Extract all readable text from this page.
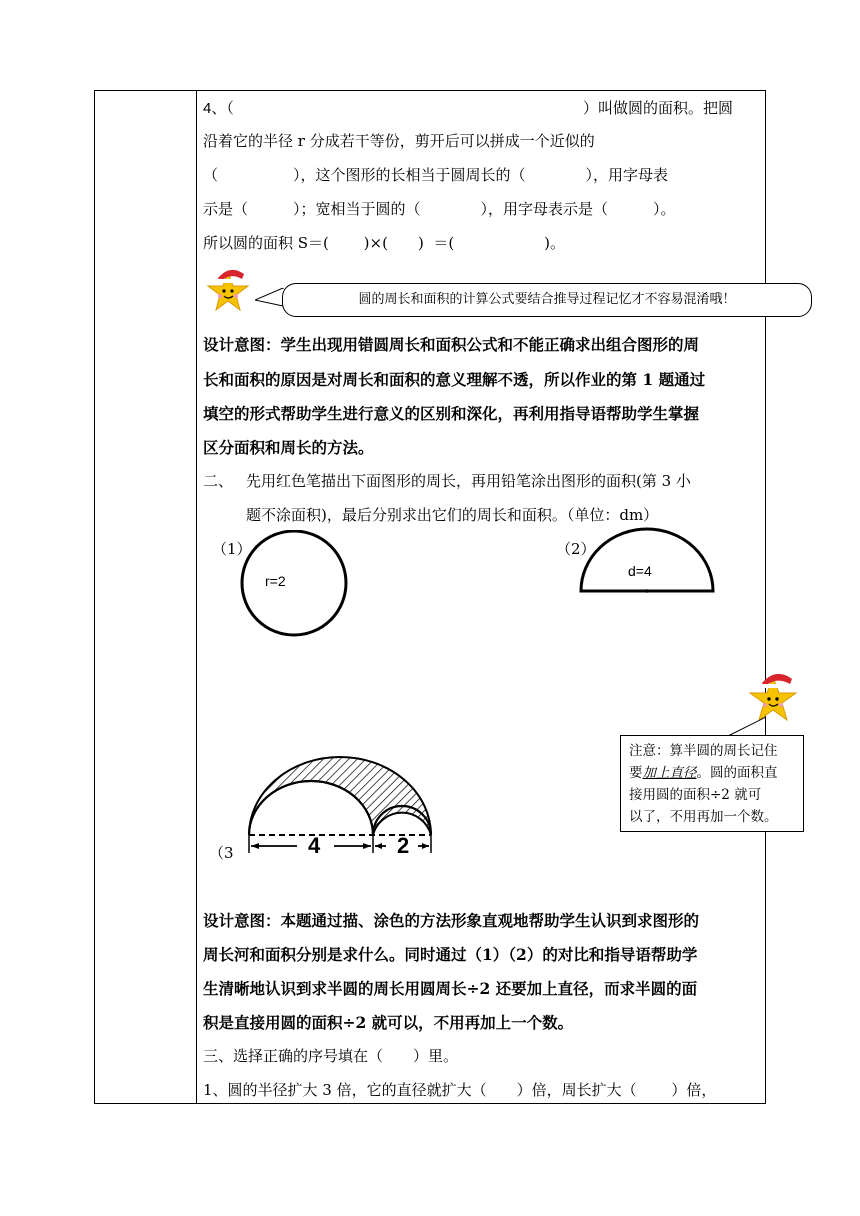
4、（	）叫做圆的面积。把圆
沿着它的半径 r 分成若干等份，剪开后可以拼成一个近似的
（　　　　　），这个图形的长相当于圆周长的（　　　　），用字母表
示是（　　　）；宽相当于圆的（　　　　），用字母表示是（　　　）。
所以圆的面积 S＝(　　 )×(　　)  ＝(　　　　　　)。
圆的周长和面积的计算公式要结合推导过程记忆才不容易混淆哦！
设计意图：学生出现用错圆周长和面积公式和不能正确求出组合图形的周
长和面积的原因是对周长和面积的意义理解不透，所以作业的第 1 题通过
填空的形式帮助学生进行意义的区别和深化，再利用指导语帮助学生掌握
区分面积和周长的方法。
二、 先用红色笔描出下面图形的周长，再用铅笔涂出图形的面积(第 3 小
题不涂面积)，最后分别求出它们的周长和面积。（单位：dm）
（1）
r=2
（2）
d=4
注意：算半圆的周长记住
要加上直径。圆的面积直
接用圆的面积÷2 就可
以了，不用再加一个数。
4	2
（3
设计意图：本题通过描、涂色的方法形象直观地帮助学生认识到求图形的
周长河和面积分别是求什么。同时通过（1）（2）的对比和指导语帮助学
生清晰地认识到求半圆的周长用圆周长÷2 还要加上直径，而求半圆的面
积是直接用圆的面积÷2 就可以，不用再加上一个数。
三、选择正确的序号填在（　　）里。
1、圆的半径扩大 3 倍，它的直径就扩大（　　）倍，周长扩大（　　 ）倍，
